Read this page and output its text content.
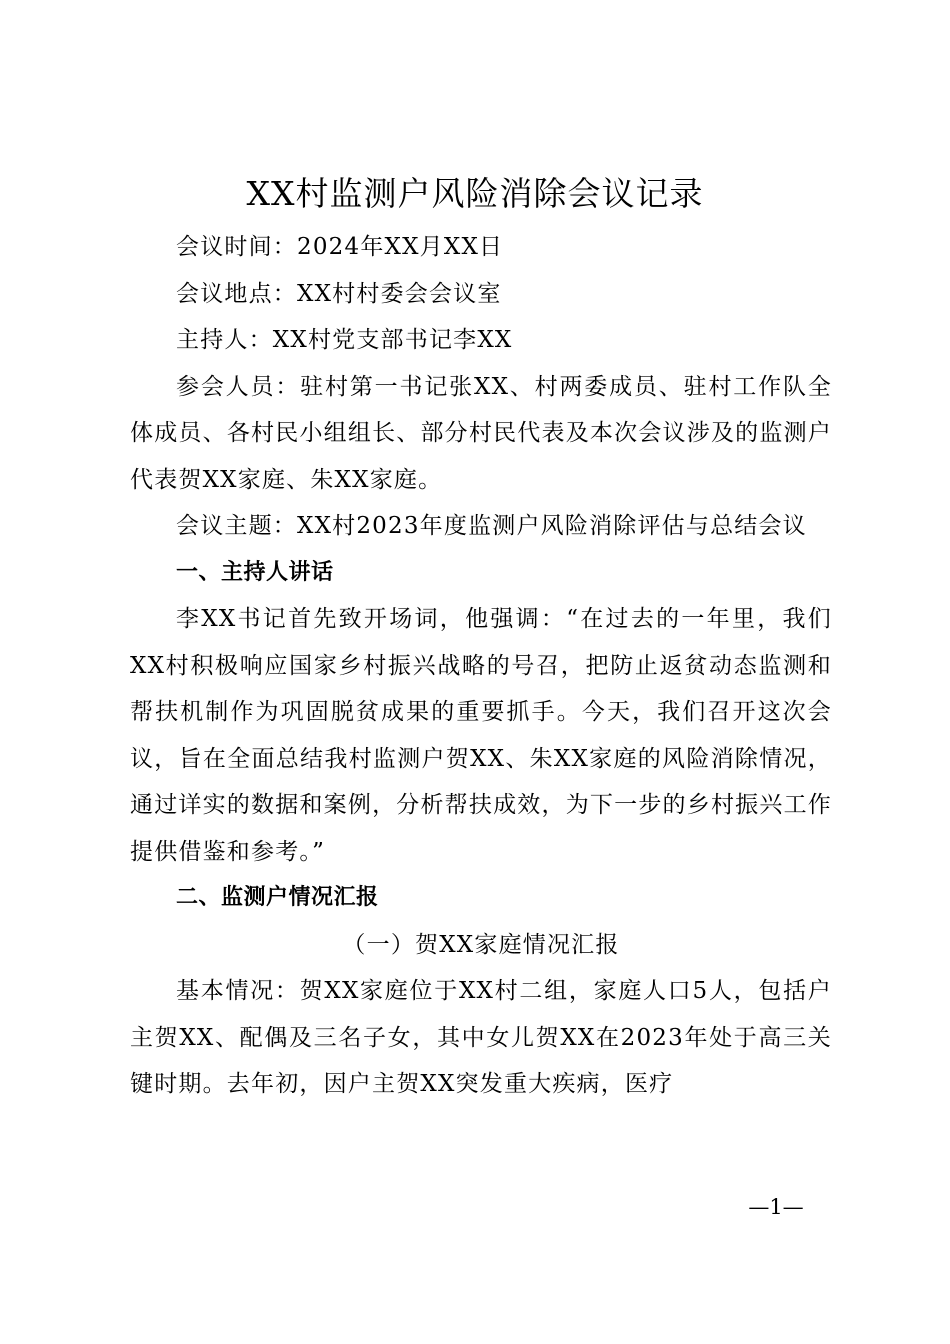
XX村监测户风险消除会议记录

会议时间：2024年XX月XX日

会议地点：XX村村委会会议室

主持人：XX村党支部书记李XX

参会人员：驻村第一书记张XX、村两委成员、驻村工作队全体成员、各村民小组组长、部分村民代表及本次会议涉及的监测户代表贺XX家庭、朱XX家庭。

会议主题：XX村2023年度监测户风险消除评估与总结会议

一、主持人讲话

李XX书记首先致开场词，他强调：“在过去的一年里，我们XX村积极响应国家乡村振兴战略的号召，把防止返贫动态监测和帮扶机制作为巩固脱贫成果的重要抓手。今天，我们召开这次会议，旨在全面总结我村监测户贺XX、朱XX家庭的风险消除情况，通过详实的数据和案例，分析帮扶成效，为下一步的乡村振兴工作提供借鉴和参考。”

二、监测户情况汇报

（一）贺XX家庭情况汇报

基本情况：贺XX家庭位于XX村二组，家庭人口5人，包括户主贺XX、配偶及三名子女，其中女儿贺XX在2023年处于高三关键时期。去年初，因户主贺XX突发重大疾病，医疗

—1—
